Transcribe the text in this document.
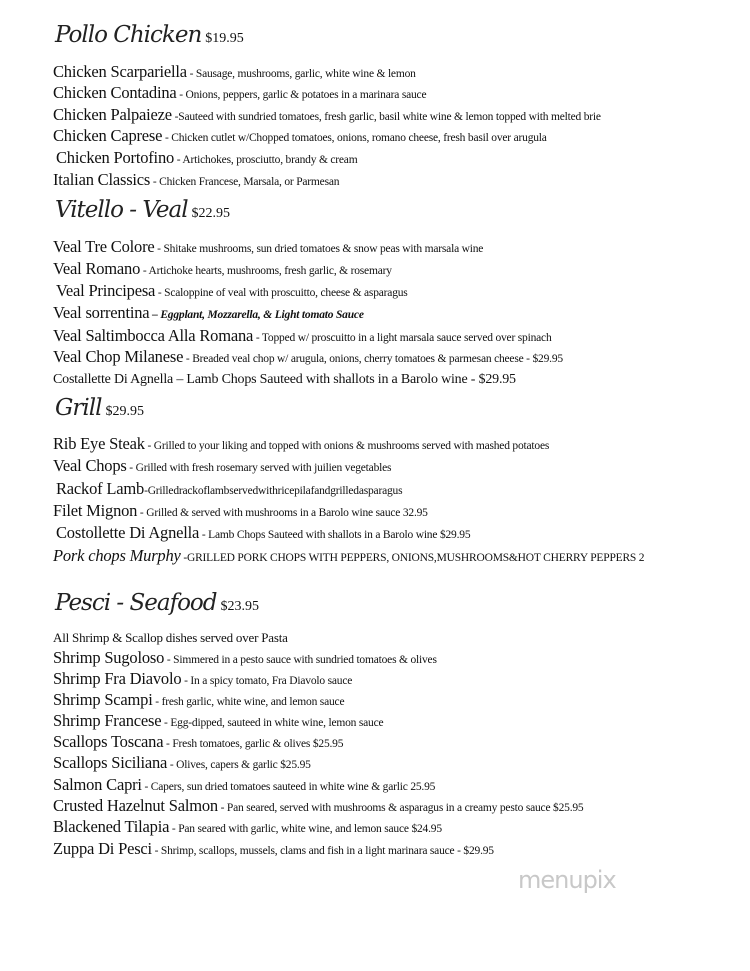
Pollo Chicken $19.95
Chicken Scarpariella - Sausage, mushrooms, garlic, white wine & lemon
Chicken Contadina - Onions, peppers, garlic & potatoes in a marinara sauce
Chicken Palpaieze -Sauteed with sundried tomatoes, fresh garlic, basil white wine & lemon topped with melted brie
Chicken Caprese - Chicken cutlet w/Chopped tomatoes, onions, romano cheese, fresh basil over arugula
Chicken Portofino - Artichokes, prosciutto, brandy & cream
Italian Classics - Chicken Francese, Marsala, or Parmesan
Vitello - Veal $22.95
Veal Tre Colore - Shitake mushrooms, sun dried tomatoes & snow peas with marsala wine
Veal Romano - Artichoke hearts, mushrooms, fresh garlic, & rosemary
Veal Principesa - Scaloppine of veal with proscuitto, cheese & asparagus
Veal sorrentina – Eggplant, Mozzarella, & Light tomato Sauce
Veal Saltimbocca Alla Romana - Topped w/ proscuitto in a light marsala sauce served over spinach
Veal Chop Milanese - Breaded veal chop w/ arugula, onions, cherry tomatoes & parmesan cheese - $29.95
Costallette Di Agnella – Lamb Chops Sauteed with shallots in a Barolo wine - $29.95
Grill $29.95
Rib Eye Steak - Grilled to your liking and topped with onions & mushrooms served with mashed potatoes
Veal Chops - Grilled with fresh rosemary served with juilien vegetables
Rackof Lamb-Grilledrackoflambservedwithricepilafandgrilledasparagus
Filet Mignon - Grilled & served with mushrooms in a Barolo wine sauce 32.95
Costollette Di Agnella - Lamb Chops Sauteed with shallots in a Barolo wine $29.95
Pork chops Murphy -GRILLED PORK CHOPS WITH PEPPERS, ONIONS,MUSHROOMS&HOT CHERRY PEPPERS 2
Pesci - Seafood $23.95
All Shrimp & Scallop dishes served over Pasta
Shrimp Sugoloso - Simmered in a pesto sauce with sundried tomatoes & olives
Shrimp Fra Diavolo - In a spicy tomato, Fra Diavolo sauce
Shrimp Scampi - fresh garlic, white wine, and lemon sauce
Shrimp Francese - Egg-dipped, sauteed in white wine, lemon sauce
Scallops Toscana - Fresh tomatoes, garlic & olives $25.95
Scallops Siciliana - Olives, capers & garlic $25.95
Salmon Capri - Capers, sun dried tomatoes sauteed in white wine & garlic 25.95
Crusted Hazelnut Salmon - Pan seared, served with mushrooms & asparagus in a creamy pesto sauce $25.95
Blackened Tilapia - Pan seared with garlic, white wine, and lemon sauce $24.95
Zuppa Di Pesci - Shrimp, scallops, mussels, clams and fish in a light marinara sauce - $29.95
menupix
